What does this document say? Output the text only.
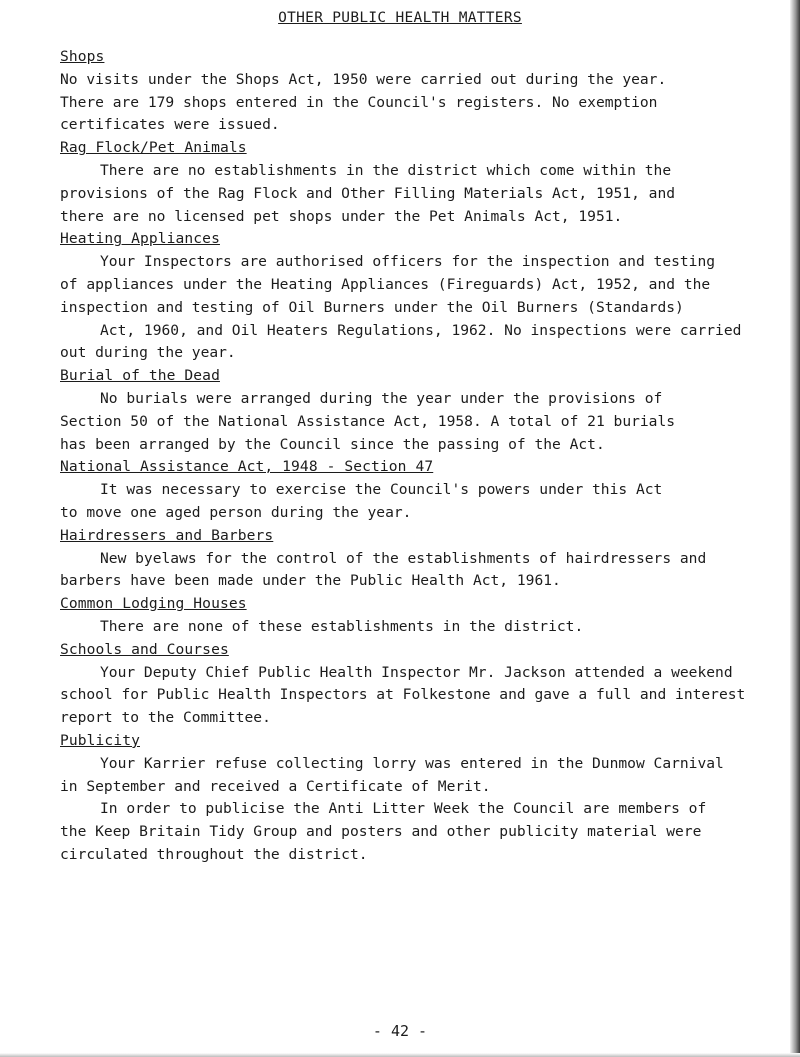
OTHER PUBLIC HEALTH MATTERS
Shops
No visits under the Shops Act, 1950 were carried out during the year.
There are 179 shops entered in the Council's registers. No exemption
certificates were issued.
Rag Flock/Pet Animals
There are no establishments in the district which come within the
provisions of the Rag Flock and Other Filling Materials Act, 1951, and
there are no licensed pet shops under the Pet Animals Act, 1951.
Heating Appliances
Your Inspectors are authorised officers for the inspection and testing
of appliances under the Heating Appliances (Fireguards) Act, 1952, and the
inspection and testing of Oil Burners under the Oil Burners (Standards)
Act, 1960, and Oil Heaters Regulations, 1962. No inspections were carried
out during the year.
Burial of the Dead
No burials were arranged during the year under the provisions of
Section 50 of the National Assistance Act, 1958. A total of 21 burials
has been arranged by the Council since the passing of the Act.
National Assistance Act, 1948 - Section 47
It was necessary to exercise the Council's powers under this Act
to move one aged person during the year.
Hairdressers and Barbers
New byelaws for the control of the establishments of hairdressers and
barbers have been made under the Public Health Act, 1961.
Common Lodging Houses
There are none of these establishments in the district.
Schools and Courses
Your Deputy Chief Public Health Inspector Mr. Jackson attended a weekend
school for Public Health Inspectors at Folkestone and gave a full and interest
report to the Committee.
Publicity
Your Karrier refuse collecting lorry was entered in the Dunmow Carnival
in September and received a Certificate of Merit.
In order to publicise the Anti Litter Week the Council are members of
the Keep Britain Tidy Group and posters and other publicity material were
circulated throughout the district.
- 42 -
